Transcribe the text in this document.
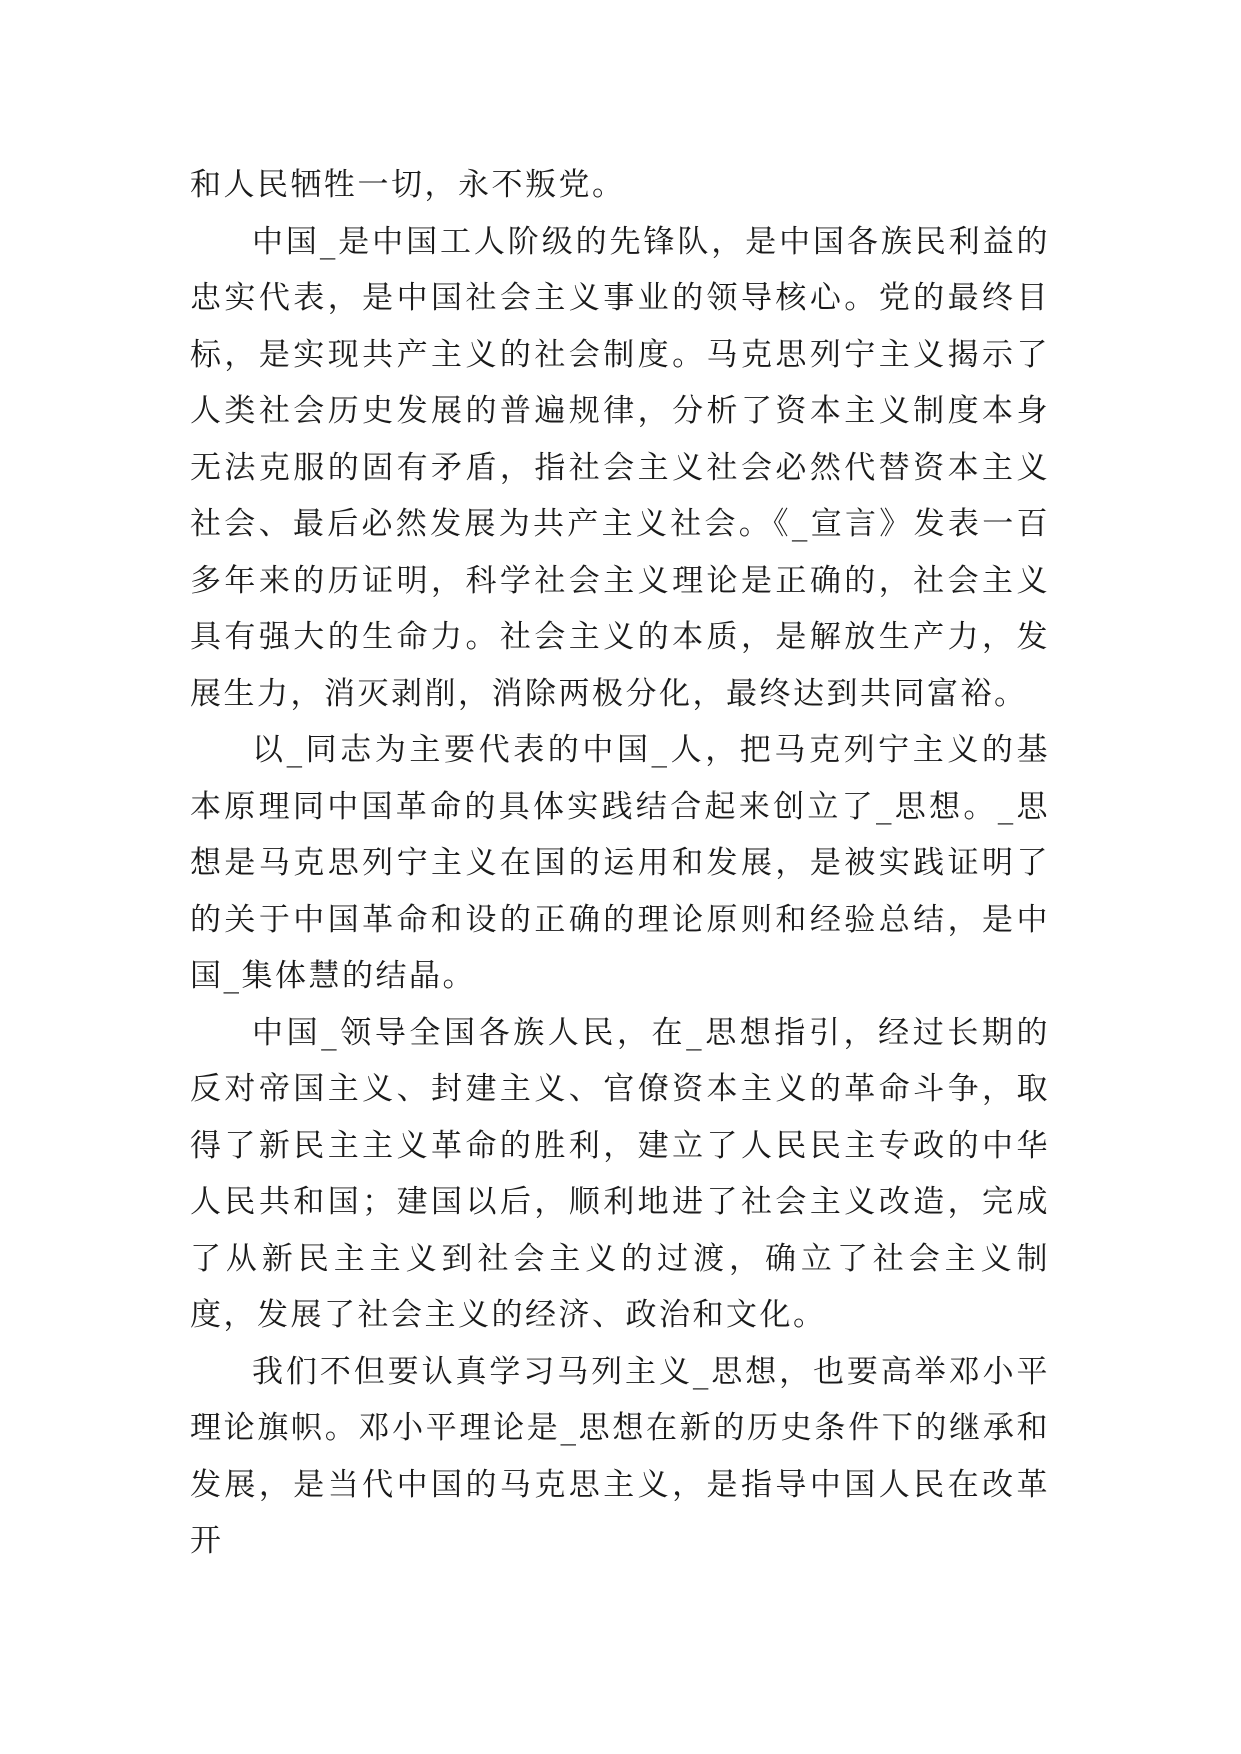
和人民牺牲一切，永不叛党。

中国_是中国工人阶级的先锋队，是中国各族民利益的忠实代表，是中国社会主义事业的领导核心。党的最终目标，是实现共产主义的社会制度。马克思列宁主义揭示了人类社会历史发展的普遍规律，分析了资本主义制度本身无法克服的固有矛盾，指社会主义社会必然代替资本主义社会、最后必然发展为共产主义社会。《_宣言》发表一百多年来的历证明，科学社会主义理论是正确的，社会主义具有强大的生命力。社会主义的本质，是解放生产力，发展生力，消灭剥削，消除两极分化，最终达到共同富裕。

以_同志为主要代表的中国_人，把马克列宁主义的基本原理同中国革命的具体实践结合起来创立了_思想。_思想是马克思列宁主义在国的运用和发展，是被实践证明了的关于中国革命和设的正确的理论原则和经验总结，是中国_集体慧的结晶。

中国_领导全国各族人民，在_思想指引，经过长期的反对帝国主义、封建主义、官僚资本主义的革命斗争，取得了新民主主义革命的胜利，建立了人民民主专政的中华人民共和国；建国以后，顺利地进了社会主义改造，完成了从新民主主义到社会主义的过渡，确立了社会主义制度，发展了社会主义的经济、政治和文化。

我们不但要认真学习马列主义_思想，也要高举邓小平理论旗帜。邓小平理论是_思想在新的历史条件下的继承和发展，是当代中国的马克思主义，是指导中国人民在改革开
